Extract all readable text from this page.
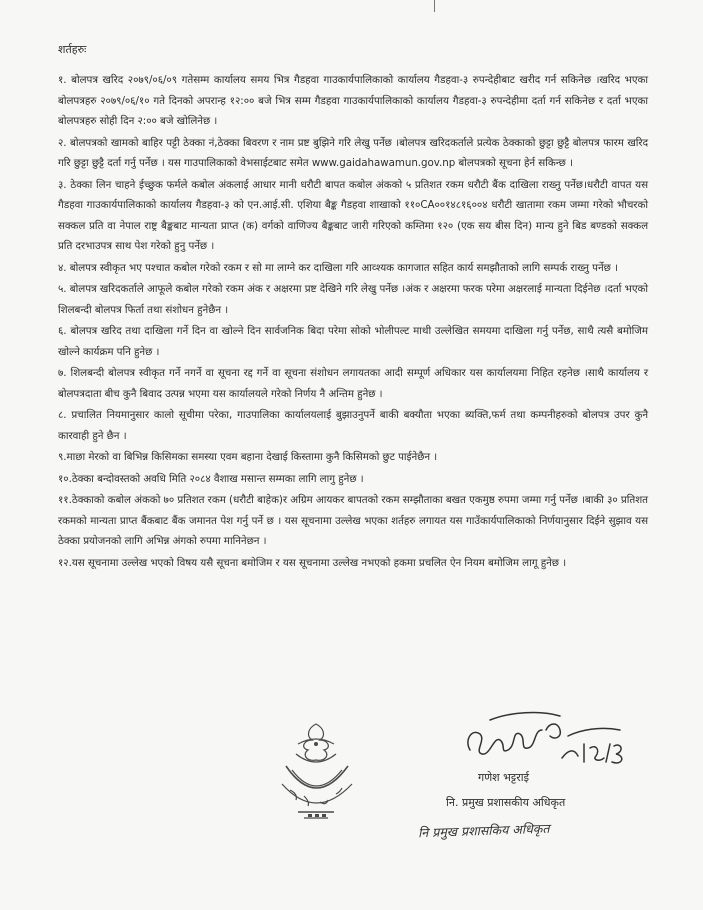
शर्तहरुः

१. बोलपत्र खरिद २०७९/०६/०९ गतेसम्म कार्यालय समय भित्र गैडहवा गाउकार्यपालिकाको कार्यालय गैडहवा-३ रुपन्देहीबाट खरीद गर्न सकिनेछ ।खरिद भएका बोलपत्रहरु २०७९/०६/१० गते दिनको अपरान्ह १२:०० बजे भित्र सम्म गैडहवा गाउकार्यपालिकाको कार्यालय गैडहवा-३ रुपन्देहीमा दर्ता गर्न सकिनेछ र दर्ता भएका बोलपत्रहरु सोही दिन २:०० बजे खोलिनेछ ।

२. बोलपत्रको खामको बाहिर पट्टी ठेक्का नं,ठेक्का बिवरण र नाम प्रष्ट बुझिने गरि लेखु पर्नेछ ।बोलपत्र खरिदकर्ताले प्रत्येक ठेक्काको छुट्टा छुट्टै बोलपत्र फारम खरिद गरि छुट्टा छुट्टै दर्ता गर्नु पर्नेछ । यस गाउपालिकाको वेभसाईटबाट समेत www.gaidahawamun.gov.np बोलपत्रको सूचना हेर्न सकिन्छ ।

३. ठेक्का लिन चाहने ईच्छुक फर्मले कबोल अंकलाई आधार मानी धरौटी बापत कबोल अंकको ५ प्रतिशत रकम धरौटी बैंक दाखिला राख्नु पर्नेछ।धरौटी वापत यस गैडहवा गाउकार्यपालिकाको कार्यालय गैडहवा-३ को एन.आई.सी. एशिया बैङ्क गैडहवा शाखाको ११०CA००१४८१६००४ धरौटी खातामा रकम जम्मा गरेको भौचरको सक्कल प्रति वा नेपाल राष्ट्र बैङ्कबाट मान्यता प्राप्त (क) वर्गको वाणिज्य बैङ्कबाट जारी गरिएको कम्तिमा १२० (एक सय बीस दिन) मान्य हुने बिड बण्डको सक्कल प्रति दरभाउपत्र साथ पेश गरेको हुनु पर्नेछ ।

४. बोलपत्र स्वीकृत भए पश्चात कबोल गरेको रकम र सो मा लाग्ने कर दाखिला गरि आव्श्यक कागजात सहित कार्य समझौताको लागि सम्पर्क राख्नु पर्नेछ ।

५. बोलपत्र खरिदकर्ताले आफूले कबोल गरेको रकम अंक र अक्षरमा प्रष्ट देखिने गरि लेखु पर्नेछ ।अंक र अक्षरमा फरक परेमा अक्षरलाई मान्यता दिईनेछ ।दर्ता भएको शिलबन्दी बोलपत्र फिर्ता तथा संशोधन हुनेछैन ।

६. बोलपत्र खरिद तथा दाखिला गर्ने दिन वा खोल्ने दिन सार्वजनिक बिदा परेमा सोको भोलीपल्ट माथी उल्लेखित समयमा दाखिला गर्नु पर्नेछ, साथै त्यसै बमोजिम खोल्ने कार्यक्रम पनि हुनेछ ।

७. शिलबन्दी बोलपत्र स्वीकृत गर्ने नगर्ने वा सूचना रद्द गर्ने वा सूचना संशोधन लगायतका आदी सम्पूर्ण अधिकार यस कार्यालयमा निहित रहनेछ ।साथै कार्यालय र बोलपत्रदाता बीच कुनै बिवाद उत्पन्न भएमा यस कार्यालयले गरेको निर्णय नै अन्तिम हुनेछ ।

८. प्रचालित नियमानुसार कालो सूचीमा परेका, गाउपालिका कार्यालयलाई बुझाउनुपर्ने बाकी बक्यौता भएका ब्यक्ति,फर्म तथा कम्पनीहरुको बोलपत्र उपर कुनै कारवाही हुने छैन ।

९.माछा मेरको वा बिभिन्न किसिमका समस्या एवम बहाना देखाई किस्तामा कुनै किसिमको छुट पाईनेछैन ।

१०.ठेक्का बन्दोवस्तको अवधि मिति २०८४ वैशाख मसान्त सम्मका लागि लागु हुनेछ ।

११.ठेक्काको कबोल अंकको ७० प्रतिशत रकम (धरौटी बाहेक)र अग्रिम आयकर बापतको रकम सम्झौताका बखत एकमुष्ठ रुपमा जम्मा गर्नु पर्नेछ ।बाकी ३० प्रतिशत रकमको मान्यता प्राप्त बैंकबाट बैंक जमानत पेश गर्नु पर्ने छ । यस सूचनामा उल्लेख भएका शर्तहरु लगायत यस गाउँकार्यपालिकाको निर्णयानुसार दिईने सुझाव यस ठेक्का प्रयोजनको लागि अभिन्न अंगको रुपमा मानिनेछन ।

१२.यस सूचनामा उल्लेख भएको विषय यसै सूचना बमोजिम र यस सूचनामा उल्लेख नभएको हकमा प्रचलित ऐन नियम बमोजिम लागू हुनेछ ।

गणेश भट्टराई
नि. प्रमुख प्रशासकीय अधिकृत
नि प्रमुख प्रशासकिय अधिकृत
